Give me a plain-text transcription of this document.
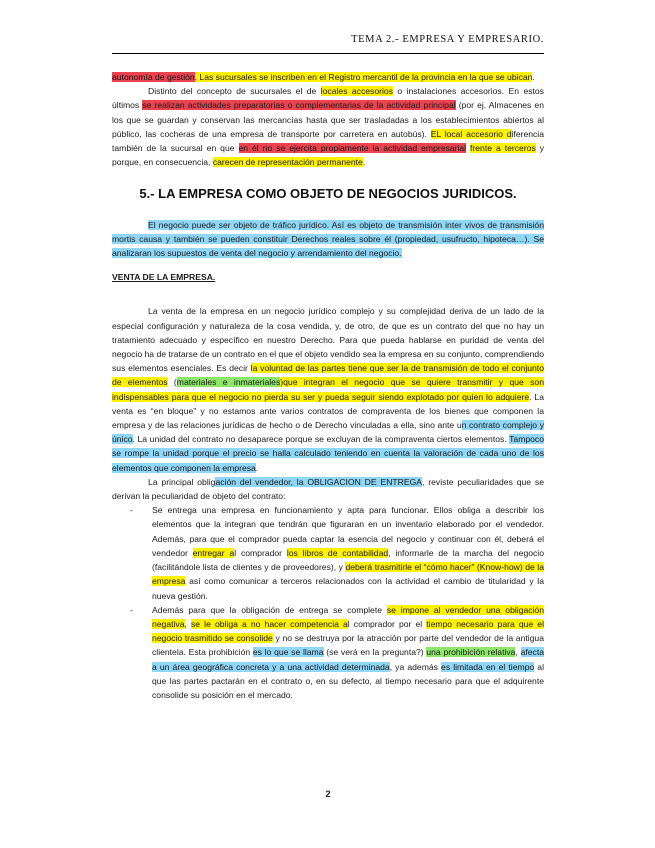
TEMA 2.- EMPRESA Y EMPRESARIO.

autonomía de gestión. Las sucursales se inscriben en el Registro mercantil de la provincia en la que se ubican.

Distinto del concepto de sucursales el de locales accesorios o instalaciones accesorios. En estos últimos se realizan actividades preparatorias o complementarias de la actividad principal (por ej. Almacenes en los que se guardan y conservan las mercancías hasta que ser trasladadas a los establecimientos abiertos al público, las cocheras de una empresa de transporte por carretera en autobús). EL local accesorio diferencia también de la sucursal en que en él no se ejercita propiamente la actividad empresarial frente a terceros y porque, en consecuencia, carecen de representación permanente.

5.- LA EMPRESA COMO OBJETO DE NEGOCIOS JURIDICOS.

El negocio puede ser objeto de tráfico jurídico. Así es objeto de transmisión inter vivos de transmisión mortis causa y también se pueden constituir Derechos reales sobre él (propiedad, usufructo, hipoteca…). Se analizaran los supuestos de venta del negocio y arrendamiento del negocio.

VENTA DE LA EMPRESA.

La venta de la empresa en un negocio jurídico complejo y su complejidad deriva de un lado de la especial configuración y naturaleza de la cosa vendida, y, de otro, de que es un contrato del que no hay un tratamiento adecuado y específico en nuestro Derecho. Para que pueda hablarse en puridad de venta del negocio ha de tratarse de un contrato en el que el objeto vendido sea la empresa en su conjunto, comprendiendo sus elementos esenciales. Es decir la voluntad de las partes tiene que ser la de transmisión de todo el conjunto de elementos (materiales e inmateriales)que integran el negocio que se quiere transmitir y que son indispensables para que el negocio no pierda su ser y pueda seguir siendo explotado por quien lo adquiere. La venta es “en bloque” y no estamos ante varios contratos de compraventa de los bienes que componen la empresa y de las relaciones jurídicas de hecho o de Derecho vinculadas a ella, sino ante un contrato complejo y único. La unidad del contrato no desaparece porque se excluyan de la compraventa ciertos elementos. Tampoco se rompe la unidad porque el precio se halla calculado teniendo en cuenta la valoración de cada uno de los elementos que componen la empresa.

La principal obligación del vendedor, la OBLIGACION DE ENTREGA, reviste peculiaridades que se derivan la peculiaridad de objeto del contrato:

- Se entrega una empresa en funcionamiento y apta para funcionar. Ellos obliga a describir los elementos que la integran que tendrán que figuraran en un inventario elaborado por el vendedor. Además, para que el comprador pueda captar la esencia del negocio y continuar con él, deberá el vendedor entregar al comprador los libros de contabilidad, informarle de la marcha del negocio (facilitándole lista de clientes y de proveedores), y deberá trasmitirle el “cómo hacer” (Know-how) de la empresa así como comunicar a terceros relacionados con la actividad el cambio de titularidad y la nueva gestión.
- Además para que la obligación de entrega se complete se impone al vendedor una obligación negativa, se le obliga a no hacer competencia al comprador por el tiempo necesario para que el negocio trasmitido se consolide y no se destruya por la atracción por parte del vendedor de la antigua clientela. Esta prohibición es lo que se llama (se verá en la pregunta?) una prohibición relativa, afecta a un área geográfica concreta y a una actividad determinada, ya además es limitada en el tiempo al que las partes pactarán en el contrato o, en su defecto, al tiempo necesario para que el adquirente consolide su posición en el mercado.
2
